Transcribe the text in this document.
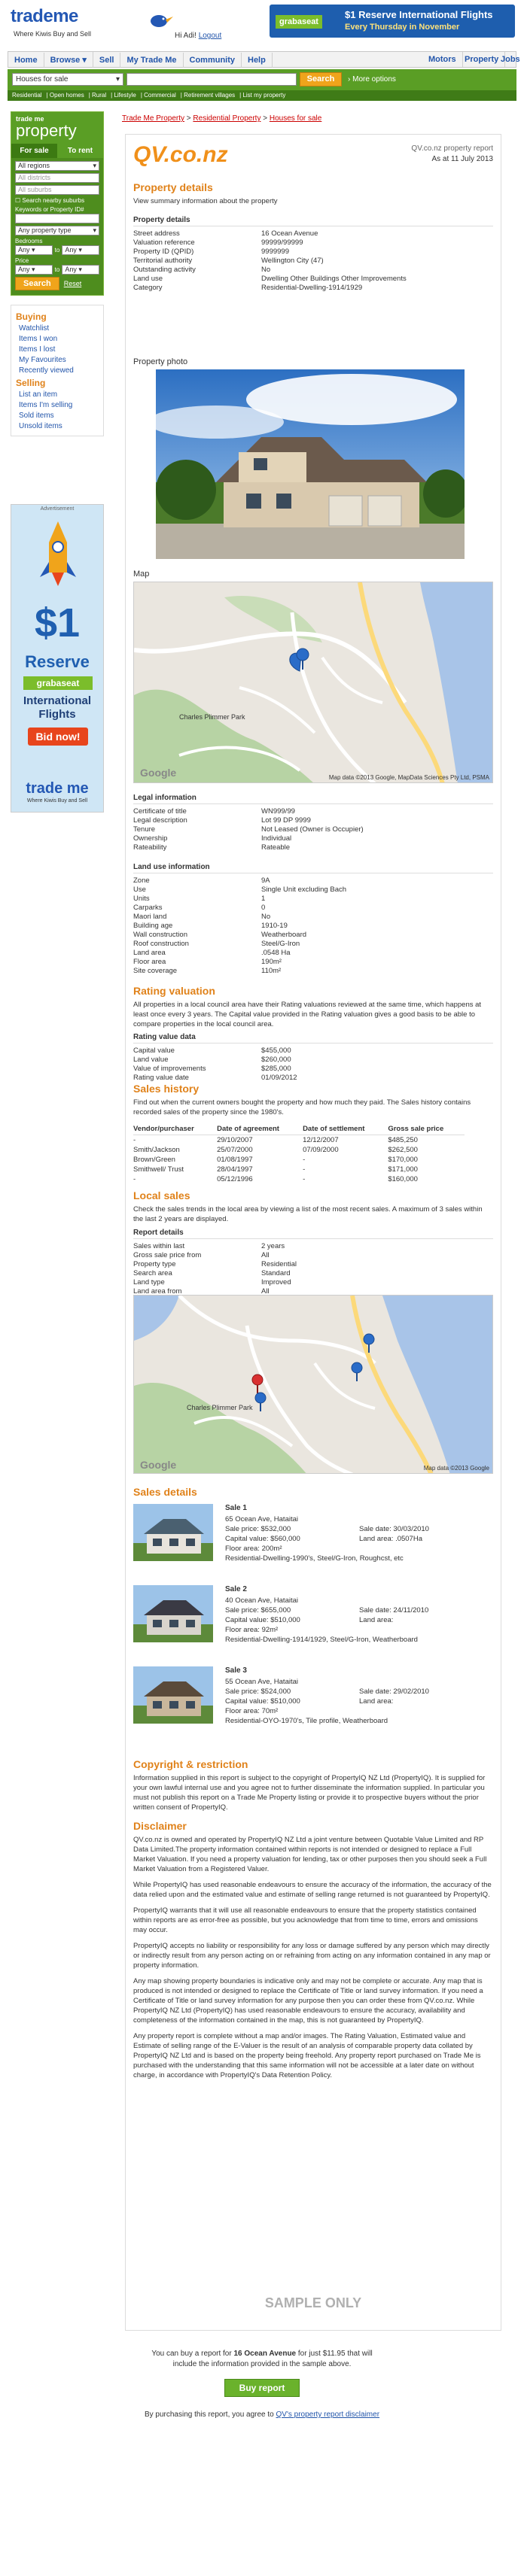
trademe
Where Kiwis Buy and Sell	Hi Adi! Logout
grabaseat
$1 Reserve International Flights
Every Thursday in November
Home Browse ▾ Sell My Trade Me Community Help	Motors	Property Jobs
Houses for sale	▾	Search	› More options
Residential | Open homes | Rural | Lifestyle | Commercial | Retirement villages | List my property
trade me
property
For sale	To rent
All regions	▾
All districts
All suburbs
☐ Search nearby suburbs
Keywords or Property ID#
Any property type	▾
Bedrooms
Any ▾	to Any ▾
Price
Any ▾	to Any ▾
Search	Reset
Buying
Watchlist
Items I won
Items I lost
My Favourites
Recently viewed
Selling
List an item
Items I'm selling
Sold items
Unsold items
Advertisement
$1
Reserve
grabaseat
International
Flights
Bid now!
trade me
Where Kiwis Buy and Sell
Trade Me Property > Residential Property > Houses for sale
QV.co.nz	QV.co.nz property report
As at 11 July 2013
Property details
View summary information about the property
Property details
Street address	16 Ocean Avenue
Valuation reference	99999/99999
Property ID (QPID)	9999999
Territorial authority	Wellington City (47)
Outstanding activity	No
Land use	Dwelling Other Buildings Other Improvements
Category	Residential-Dwelling-1914/1929
Property photo
Map
Charles Plimmer Park
Google	Map data ©2013 Google, MapData Sciences Pty Ltd, PSMA
Legal information
Certificate of title	WN999/99
Legal description	Lot 99 DP 9999
Tenure	Not Leased (Owner is Occupier)
Ownership	Individual
Rateability	Rateable
Land use information
Zone	9A
Use	Single Unit excluding Bach
Units	1
Carparks	0
Maori land	No
Building age	1910-19
Wall construction	Weatherboard
Roof construction	Steel/G-Iron
Land area	.0548 Ha
Floor area	190m²
Site coverage	110m²
Rating valuation
All properties in a local council area have their Rating valuations reviewed at the same time, which happens at least once every 3 years. The Capital value provided in the Rating valuation gives a good basis to be able to compare properties in the local council area.
Rating value data
Capital value	$455,000
Land value	$260,000
Value of improvements	$285,000
Rating value date	01/09/2012
Sales history
Find out when the current owners bought the property and how much they paid. The Sales history contains recorded sales of the property since the 1980's.
Vendor/purchaser	Date of agreement	Date of settlement	Gross sale price
-	29/10/2007	12/12/2007	$485,250
Smith/Jackson	25/07/2000	07/09/2000	$262,500
Brown/Green	01/08/1997	-	$170,000
Smithwell/ Trust	28/04/1997	-	$171,000
-	05/12/1996	-	$160,000
Local sales
Check the sales trends in the local area by viewing a list of the most recent sales. A maximum of 3 sales within the last 2 years are displayed.
Report details
Sales within last	2 years
Gross sale price from	All
Property type	Residential
Search area	Standard
Land type	Improved
Land area from	All
Charles Plimmer Park
Google	Map data ©2013 Google
Sales details
Copyright & restriction
Information supplied in this report is subject to the copyright of PropertyIQ NZ Ltd (PropertyIQ). It is supplied for your own lawful internal use and you agree not to further disseminate the information supplied. In particular you must not publish this report on a Trade Me Property listing or provide it to prospective buyers without the prior written consent of PropertyIQ.
Disclaimer
QV.co.nz is owned and operated by PropertyIQ NZ Ltd a joint venture between Quotable Value Limited and RP Data Limited.The property information contained within reports is not intended or designed to replace a Full Market Valuation. If you need a property valuation for lending, tax or other purposes then you should seek a Full Market Valuation from a Registered Valuer.
While PropertyIQ has used reasonable endeavours to ensure the accuracy of the information, the accuracy of the data relied upon and the estimated value and estimate of selling range returned is not guaranteed by PropertyIQ.
PropertyIQ warrants that it will use all reasonable endeavours to ensure that the property statistics contained within reports are as error-free as possible, but you acknowledge that from time to time, errors and omissions may occur.
PropertyIQ accepts no liability or responsibility for any loss or damage suffered by any person which may directly or indirectly result from any person acting on or refraining from acting on any information contained in any map or property information.
Any map showing property boundaries is indicative only and may not be complete or accurate. Any map that is produced is not intended or designed to replace the Certificate of Title or land survey information. If you need a Certificate of Title or land survey information for any purpose then you can order these from QV.co.nz. While PropertyIQ NZ Ltd (PropertyIQ) has used reasonable endeavours to ensure the accuracy, availability and completeness of the information contained in the map, this is not guaranteed by PropertyIQ.
Any property report is complete without a map and/or images. The Rating Valuation, Estimated value and Estimate of selling range of the E-Valuer is the result of an analysis of comparable property data collated by PropertyIQ NZ Ltd and is based on the property being freehold. Any property report purchased on Trade Me is purchased with the understanding that this same information will not be accessible at a later date on without charge, in accordance with PropertyIQ's Data Retention Policy.
SAMPLE ONLY
Sale 1
65 Ocean Ave, Hataitai
Sale price: $532,000
Capital value: $560,000
Floor area: 200m²
Sale date: 30/03/2010
Land area: .0507Ha
Residential-Dwelling-1990's, Steel/G-Iron, Roughcst, etc
Sale 2
40 Ocean Ave, Hataitai
Sale price: $655,000
Capital value: $510,000
Floor area: 92m²
Sale date: 24/11/2010
Land area:
Residential-Dwelling-1914/1929, Steel/G-Iron, Weatherboard
Sale 3
55 Ocean Ave, Hataitai
Sale price: $524,000
Capital value: $510,000
Floor area: 70m²
Sale date: 29/02/2010
Land area:
Residential-OYO-1970's, Tile profile, Weatherboard
You can buy a report for 16 Ocean Avenue for just $11.95 that will
include the information provided in the sample above.
Buy report
By purchasing this report, you agree to QV's property report disclaimer
